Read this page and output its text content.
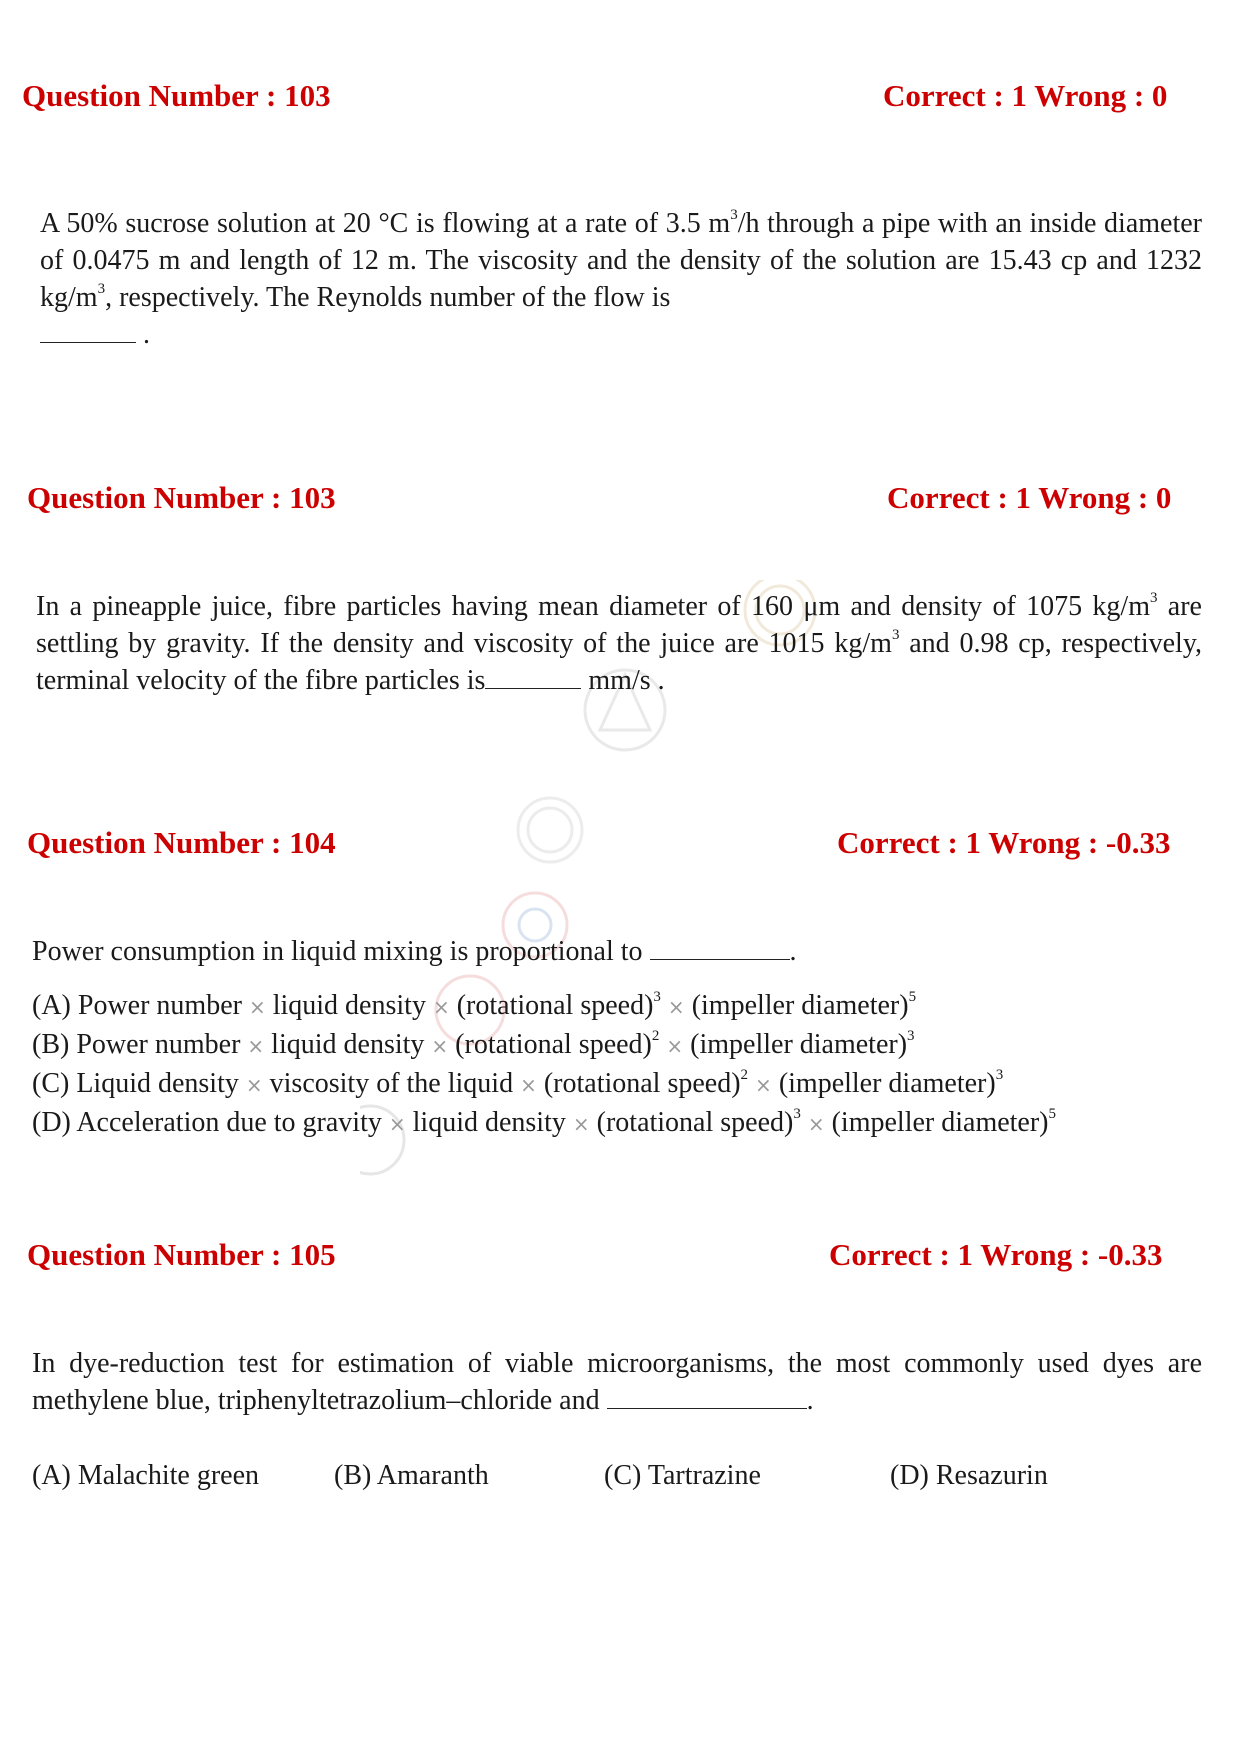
Question Number : 103	Correct : 1 Wrong : 0
A 50% sucrose solution at 20 °C is flowing at a rate of 3.5 $m^3/h$ through a pipe with an inside diameter of 0.0475 m and length of 12 m. The viscosity and the density of the solution are 15.43 cp and 1232 $kg/m^3$, respectively. The Reynolds number of the flow is
.
Question Number : 103	Correct : 1 Wrong : 0
In a pineapple juice, fibre particles having mean diameter of 160 μm and density of 1075 $kg/m^3$ are settling by gravity. If the density and viscosity of the juice are 1015 $kg/m^3$ and 0.98 cp, respectively, terminal velocity of the fibre particles is	mm/s .
Question Number : 104	Correct : 1 Wrong : -0.33
Power consumption in liquid mixing is proportional to	.
(A) Power number × liquid density × (rotational speed)$^3$ × (impeller diameter)$^5$
(B) Power number × liquid density × (rotational speed)$^2$ × (impeller diameter)$^3$
(C) Liquid density × viscosity of the liquid × (rotational speed)$^2$ × (impeller diameter)$^3$
(D) Acceleration due to gravity × liquid density × (rotational speed)$^3$ × (impeller diameter)$^5$
Question Number : 105	Correct : 1 Wrong : -0.33
In dye-reduction test for estimation of viable microorganisms, the most commonly used dyes are methylene blue, triphenyltetrazolium–chloride and	.
(A) Malachite green	(B) Amaranth	(C) Tartrazine	(D) Resazurin
